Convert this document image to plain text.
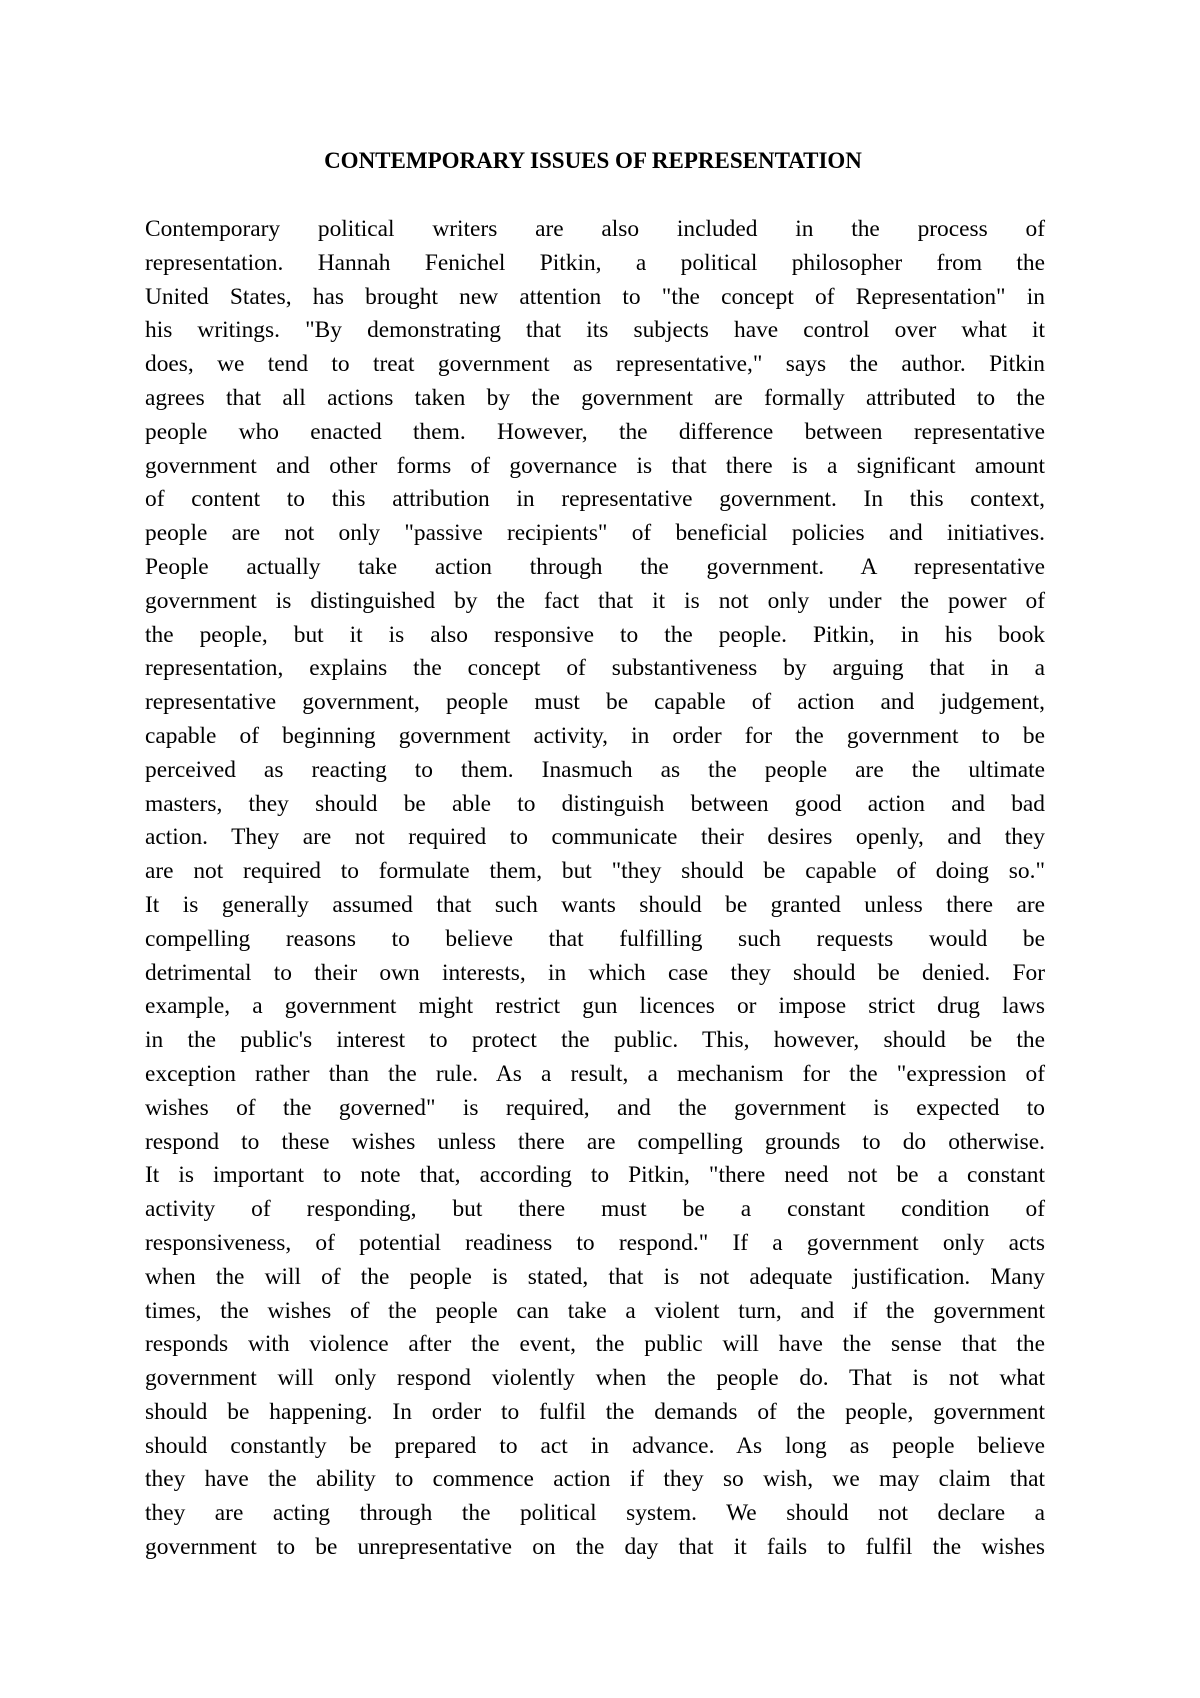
CONTEMPORARY ISSUES OF REPRESENTATION
Contemporary political writers are also included in the process of
representation. Hannah Fenichel Pitkin, a political philosopher from the
United States, has brought new attention to "the concept of Representation" in
his writings. "By demonstrating that its subjects have control over what it
does, we tend to treat government as representative," says the author. Pitkin
agrees that all actions taken by the government are formally attributed to the
people who enacted them. However, the difference between representative
government and other forms of governance is that there is a significant amount
of content to this attribution in representative government. In this context,
people are not only "passive recipients" of beneficial policies and initiatives.
People actually take action through the government. A representative
government is distinguished by the fact that it is not only under the power of
the people, but it is also responsive to the people. Pitkin, in his book
representation, explains the concept of substantiveness by arguing that in a
representative government, people must be capable of action and judgement,
capable of beginning government activity, in order for the government to be
perceived as reacting to them. Inasmuch as the people are the ultimate
masters, they should be able to distinguish between good action and bad
action. They are not required to communicate their desires openly, and they
are not required to formulate them, but "they should be capable of doing so."
It is generally assumed that such wants should be granted unless there are
compelling reasons to believe that fulfilling such requests would be
detrimental to their own interests, in which case they should be denied. For
example, a government might restrict gun licences or impose strict drug laws
in the public's interest to protect the public. This, however, should be the
exception rather than the rule. As a result, a mechanism for the "expression of
wishes of the governed" is required, and the government is expected to
respond to these wishes unless there are compelling grounds to do otherwise.
It is important to note that, according to Pitkin, "there need not be a constant
activity of responding, but there must be a constant condition of
responsiveness, of potential readiness to respond." If a government only acts
when the will of the people is stated, that is not adequate justification. Many
times, the wishes of the people can take a violent turn, and if the government
responds with violence after the event, the public will have the sense that the
government will only respond violently when the people do. That is not what
should be happening. In order to fulfil the demands of the people, government
should constantly be prepared to act in advance. As long as people believe
they have the ability to commence action if they so wish, we may claim that
they are acting through the political system. We should not declare a
government to be unrepresentative on the day that it fails to fulfil the wishes
